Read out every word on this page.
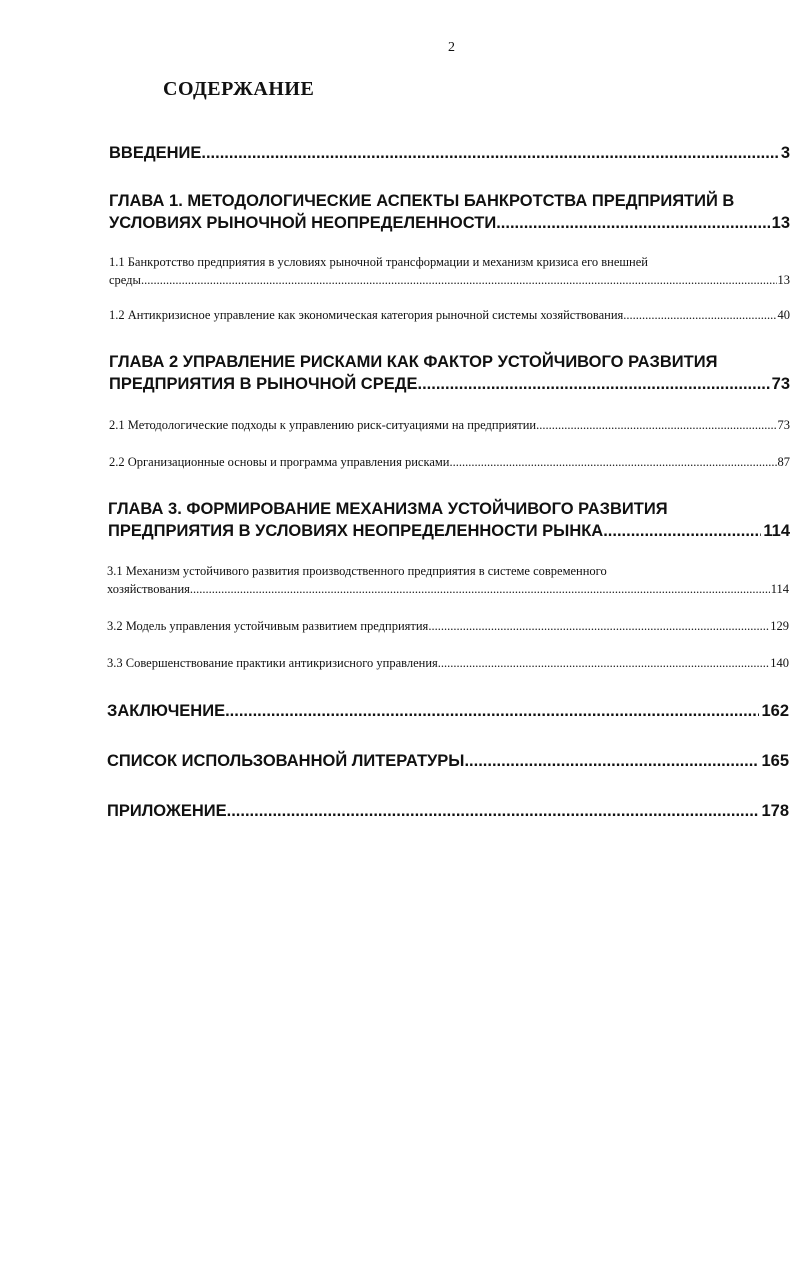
2
СОДЕРЖАНИЕ
ВВЕДЕНИЕ .....	3
ГЛАВА 1. МЕТОДОЛОГИЧЕСКИЕ АСПЕКТЫ БАНКРОТСТВА ПРЕДПРИЯТИЙ В
УСЛОВИЯХ РЫНОЧНОЙ НЕОПРЕДЕЛЕННОСТИ .....	13
1.1 Банкротство предприятия в условиях рыночной трансформации и механизм кризиса его внешней
среды .....	13
1.2 Антикризисное управление как экономическая категория рыночной системы хозяйствования .....	40
ГЛАВА 2 УПРАВЛЕНИЕ РИСКАМИ КАК ФАКТОР УСТОЙЧИВОГО РАЗВИТИЯ
ПРЕДПРИЯТИЯ В РЫНОЧНОЙ СРЕДЕ .....	73
2.1 Методологические подходы к управлению риск-ситуациями на предприятии .....	73
2.2 Организационные основы и программа управления рисками .....	87
ГЛАВА 3. ФОРМИРОВАНИЕ МЕХАНИЗМА УСТОЙЧИВОГО РАЗВИТИЯ
ПРЕДПРИЯТИЯ В УСЛОВИЯХ НЕОПРЕДЕЛЕННОСТИ РЫНКА .....	114
3.1 Механизм устойчивого развития производственного предприятия в системе современного
хозяйствования .....	114
3.2 Модель управления устойчивым развитием предприятия .....	129
3.3 Совершенствование практики антикризисного управления .....	140
ЗАКЛЮЧЕНИЕ .....	162
СПИСОК ИСПОЛЬЗОВАННОЙ ЛИТЕРАТУРЫ .....	165
ПРИЛОЖЕНИЕ .....	178
